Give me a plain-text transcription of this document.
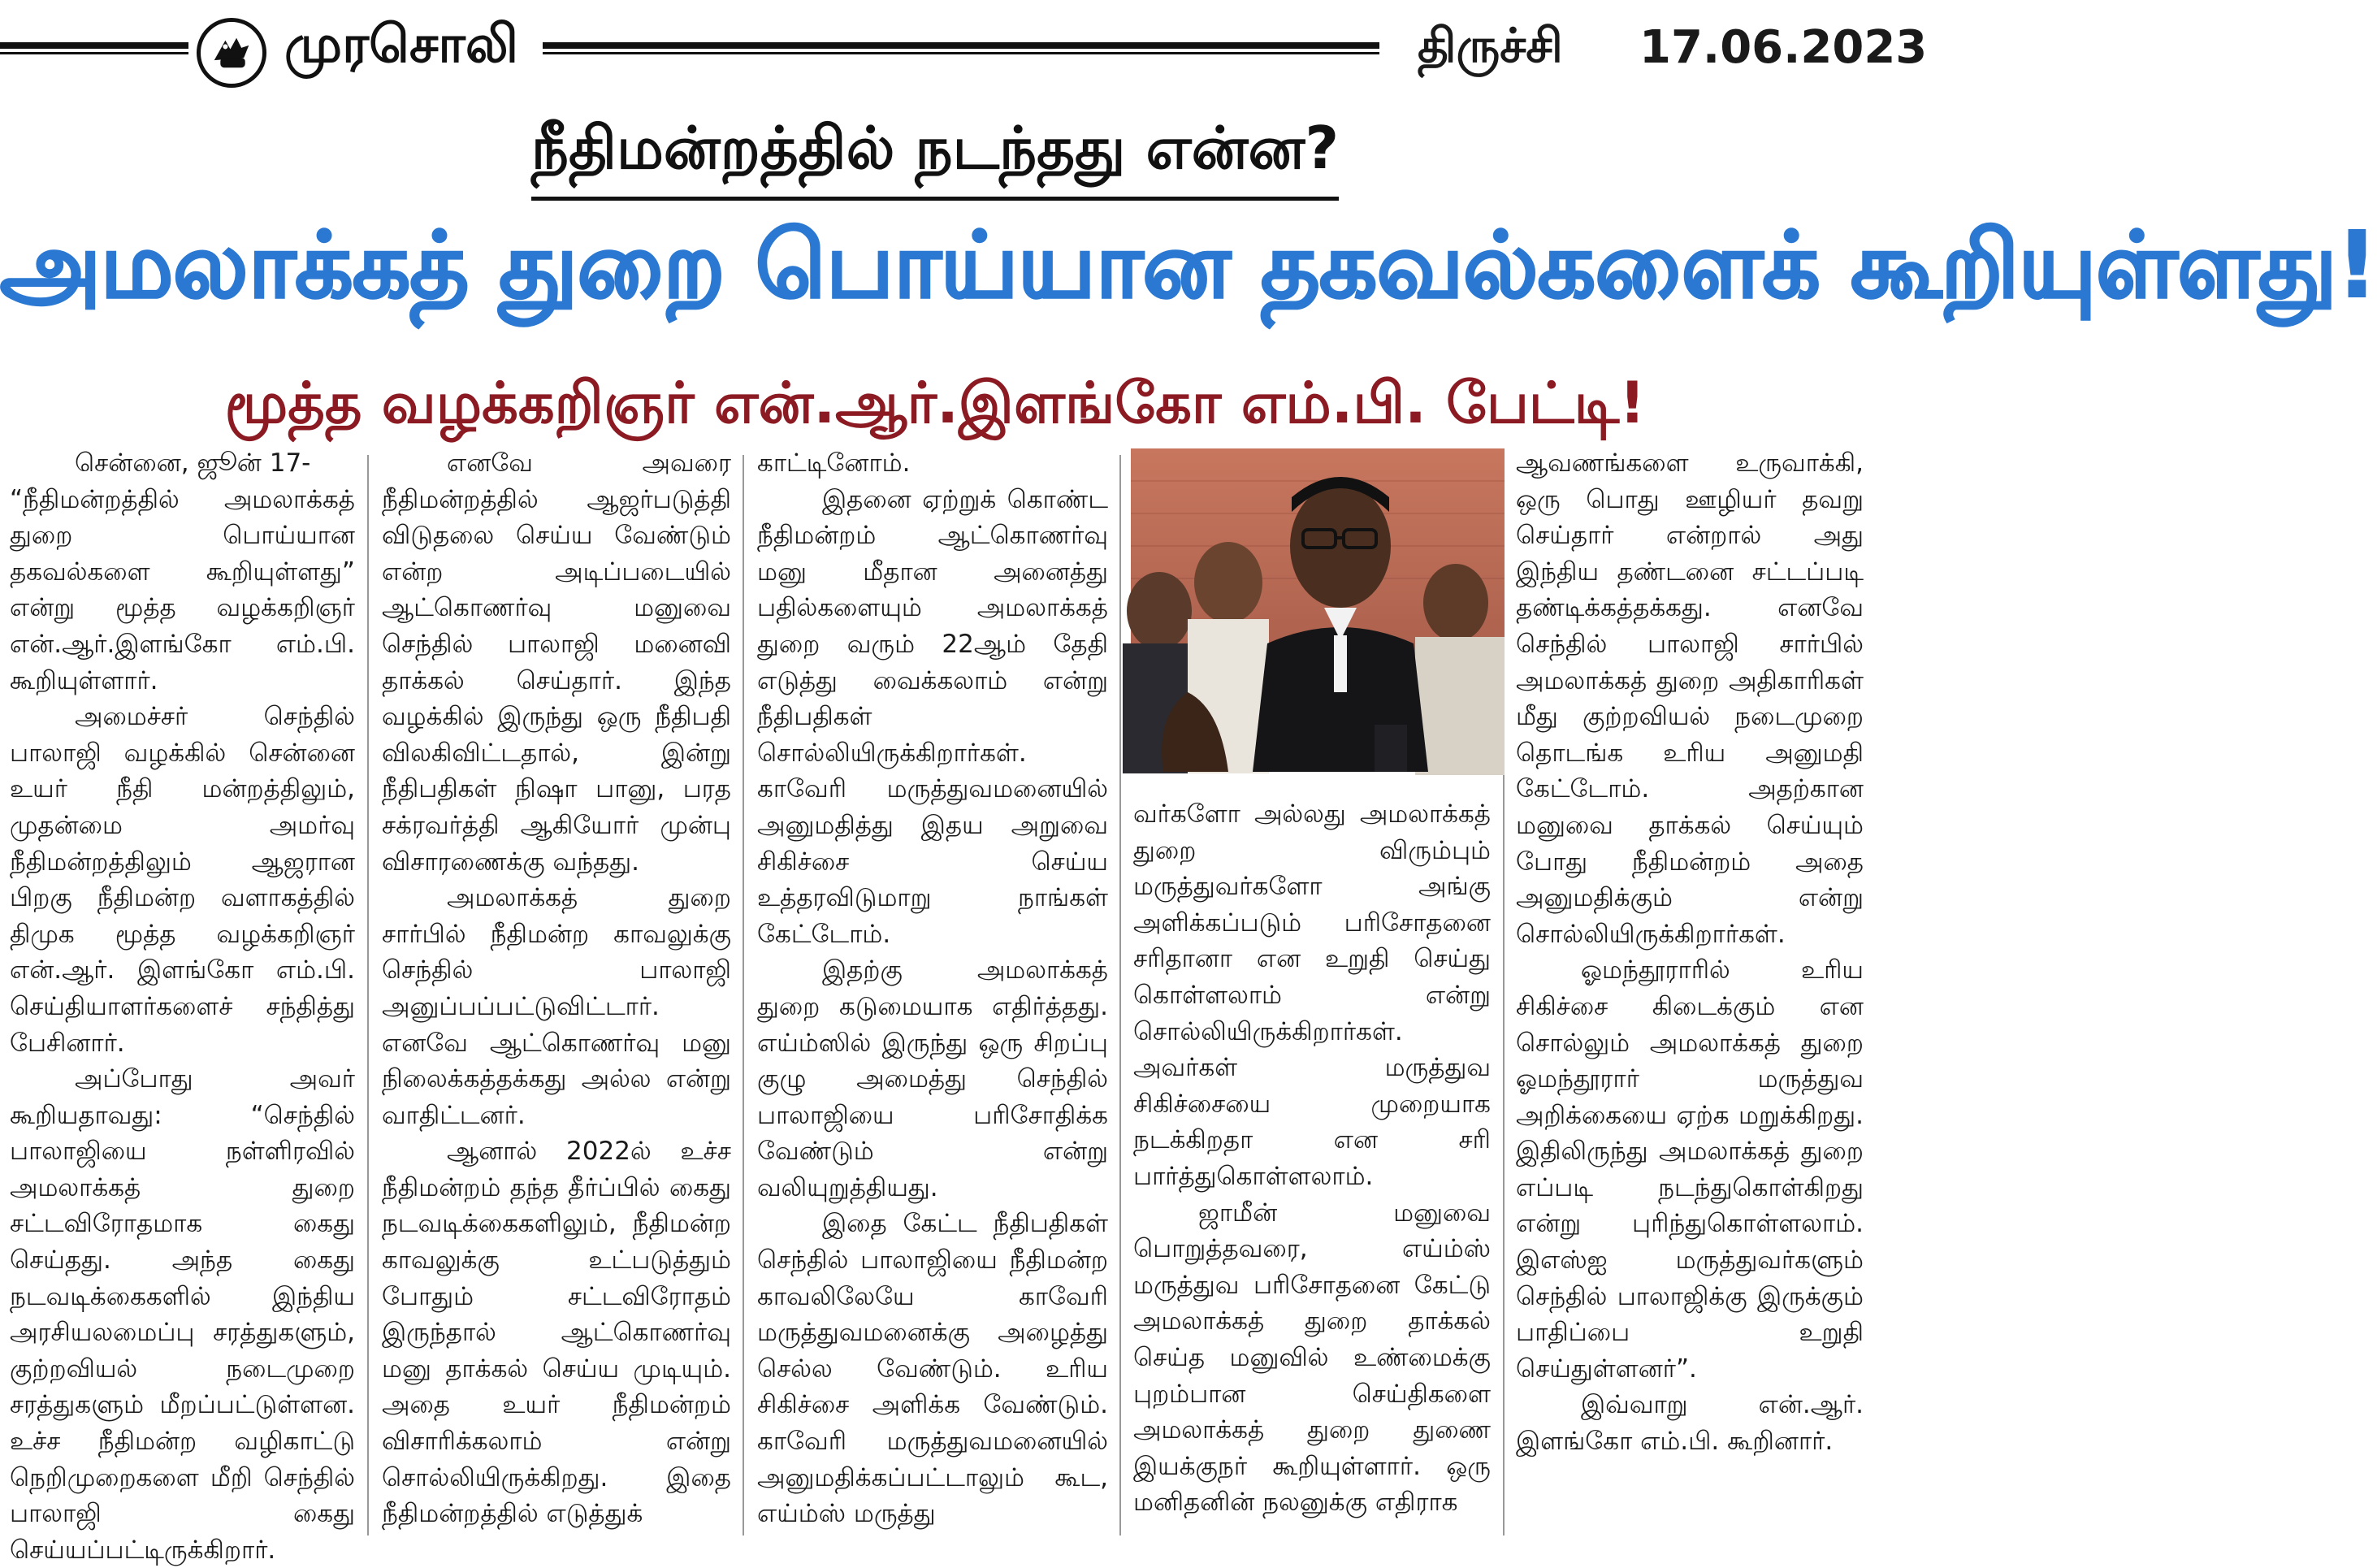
முரசொலி	திருச்சி 17.06.2023
நீதிமன்றத்தில் நடந்தது என்ன?
அமலாக்கத் துறை பொய்யான தகவல்களைக் கூறியுள்ளது!
மூத்த வழக்கறிஞர் என்.ஆர்.இளங்கோ எம்.பி. பேட்டி!

சென்னை, ஜூன் 17-

“நீதிமன்றத்தில் அமலாக்கத் துறை பொய்யான தகவல்களை கூறியுள்ளது” என்று மூத்த வழக்கறிஞர் என்.ஆர்.இளங்கோ எம்.பி. கூறியுள்ளார்.

அமைச்சர் செந்தில் பாலாஜி வழக்கில் சென்னை உயர் நீதி மன்றத்திலும், முதன்மை அமர்வு நீதிமன்றத்திலும் ஆஜரான பிறகு நீதிமன்ற வளாகத்தில் திமுக மூத்த வழக்கறிஞர் என்.ஆர். இளங்கோ எம்.பி. செய்தியாளர்களைச் சந்தித்து பேசினார்.

அப்போது அவர் கூறியதாவது: “செந்தில் பாலாஜியை நள்ளிரவில் அமலாக்கத் துறை சட்டவிரோதமாக கைது செய்தது. அந்த கைது நடவடிக்கைகளில் இந்திய அரசியலமைப்பு சரத்துகளும், குற்றவியல் நடைமுறை சரத்துகளும் மீறப்பட்டுள்ளன. உச்ச நீதிமன்ற வழிகாட்டு நெறிமுறைகளை மீறி செந்தில் பாலாஜி கைது செய்யப்பட்டிருக்கிறார்.

எனவே அவரை நீதிமன்றத்தில் ஆஜர்படுத்தி விடுதலை செய்ய வேண்டும் என்ற அடிப்படையில் ஆட்கொணர்வு மனுவை செந்தில் பாலாஜி மனைவி தாக்கல் செய்தார். இந்த வழக்கில் இருந்து ஒரு நீதிபதி விலகிவிட்டதால், இன்று நீதிபதிகள் நிஷா பானு, பரத சக்ரவர்த்தி ஆகியோர் முன்பு விசாரணைக்கு வந்தது.

அமலாக்கத் துறை சார்பில் நீதிமன்ற காவலுக்கு செந்தில் பாலாஜி அனுப்பப்பட்டுவிட்டார். எனவே ஆட்கொணர்வு மனு நிலைக்கத்தக்கது அல்ல என்று வாதிட்டனர்.

ஆனால் 2022ல் உச்ச நீதிமன்றம் தந்த தீர்ப்பில் கைது நடவடிக்கைகளிலும், நீதிமன்ற காவலுக்கு உட்படுத்தும் போதும் சட்டவிரோதம் இருந்தால் ஆட்கொணர்வு மனு தாக்கல் செய்ய முடியும். அதை உயர் நீதிமன்றம் விசாரிக்கலாம் என்று சொல்லியிருக்கிறது. இதை நீதிமன்றத்தில் எடுத்துக்

காட்டினோம்.

இதனை ஏற்றுக் கொண்ட நீதிமன்றம் ஆட்கொணர்வு மனு மீதான அனைத்து பதில்களையும் அமலாக்கத் துறை வரும் 22ஆம் தேதி எடுத்து வைக்கலாம் என்று நீதிபதிகள் சொல்லியிருக்கிறார்கள். காவேரி மருத்துவமனையில் அனுமதித்து இதய அறுவை சிகிச்சை செய்ய உத்தரவிடுமாறு நாங்கள் கேட்டோம்.

இதற்கு அமலாக்கத் துறை கடுமையாக எதிர்த்தது. எய்ம்ஸில் இருந்து ஒரு சிறப்பு குழு அமைத்து செந்தில் பாலாஜியை பரிசோதிக்க வேண்டும் என்று வலியுறுத்தியது.

இதை கேட்ட நீதிபதிகள் செந்தில் பாலாஜியை நீதிமன்ற காவலிலேயே காவேரி மருத்துவமனைக்கு அழைத்து செல்ல வேண்டும். உரிய சிகிச்சை அளிக்க வேண்டும். காவேரி மருத்துவமனையில் அனுமதிக்கப்பட்டாலும் கூட, எய்ம்ஸ் மருத்து

வர்களோ அல்லது அமலாக்கத் துறை விரும்பும் மருத்துவர்களோ அங்கு அளிக்கப்படும் பரிசோதனை சரிதானா என உறுதி செய்து கொள்ளலாம் என்று சொல்லியிருக்கிறார்கள். அவர்கள் மருத்துவ சிகிச்சையை முறையாக நடக்கிறதா என சரி பார்த்துகொள்ளலாம்.

ஜாமீன் மனுவை பொறுத்தவரை, எய்ம்ஸ் மருத்துவ பரிசோதனை கேட்டு அமலாக்கத் துறை தாக்கல் செய்த மனுவில் உண்மைக்கு புறம்பான செய்திகளை அமலாக்கத் துறை துணை இயக்குநர் கூறியுள்ளார். ஒரு மனிதனின் நலனுக்கு எதிராக

ஆவணங்களை உருவாக்கி, ஒரு பொது ஊழியர் தவறு செய்தார் என்றால் அது இந்திய தண்டனை சட்டப்படி தண்டிக்கத்தக்கது. எனவே செந்தில் பாலாஜி சார்பில் அமலாக்கத் துறை அதிகாரிகள் மீது குற்றவியல் நடைமுறை தொடங்க உரிய அனுமதி கேட்டோம். அதற்கான மனுவை தாக்கல் செய்யும் போது நீதிமன்றம் அதை அனுமதிக்கும் என்று சொல்லியிருக்கிறார்கள்.

ஓமந்தூராரில் உரிய சிகிச்சை கிடைக்கும் என சொல்லும் அமலாக்கத் துறை ஓமந்தூரார் மருத்துவ அறிக்கையை ஏற்க மறுக்கிறது. இதிலிருந்து அமலாக்கத் துறை எப்படி நடந்துகொள்கிறது என்று புரிந்துகொள்ளலாம். இஎஸ்ஐ மருத்துவர்களும் செந்தில் பாலாஜிக்கு இருக்கும் பாதிப்பை உறுதி செய்துள்ளனர்”.

இவ்வாறு என்.ஆர். இளங்கோ எம்.பி. கூறினார்.
